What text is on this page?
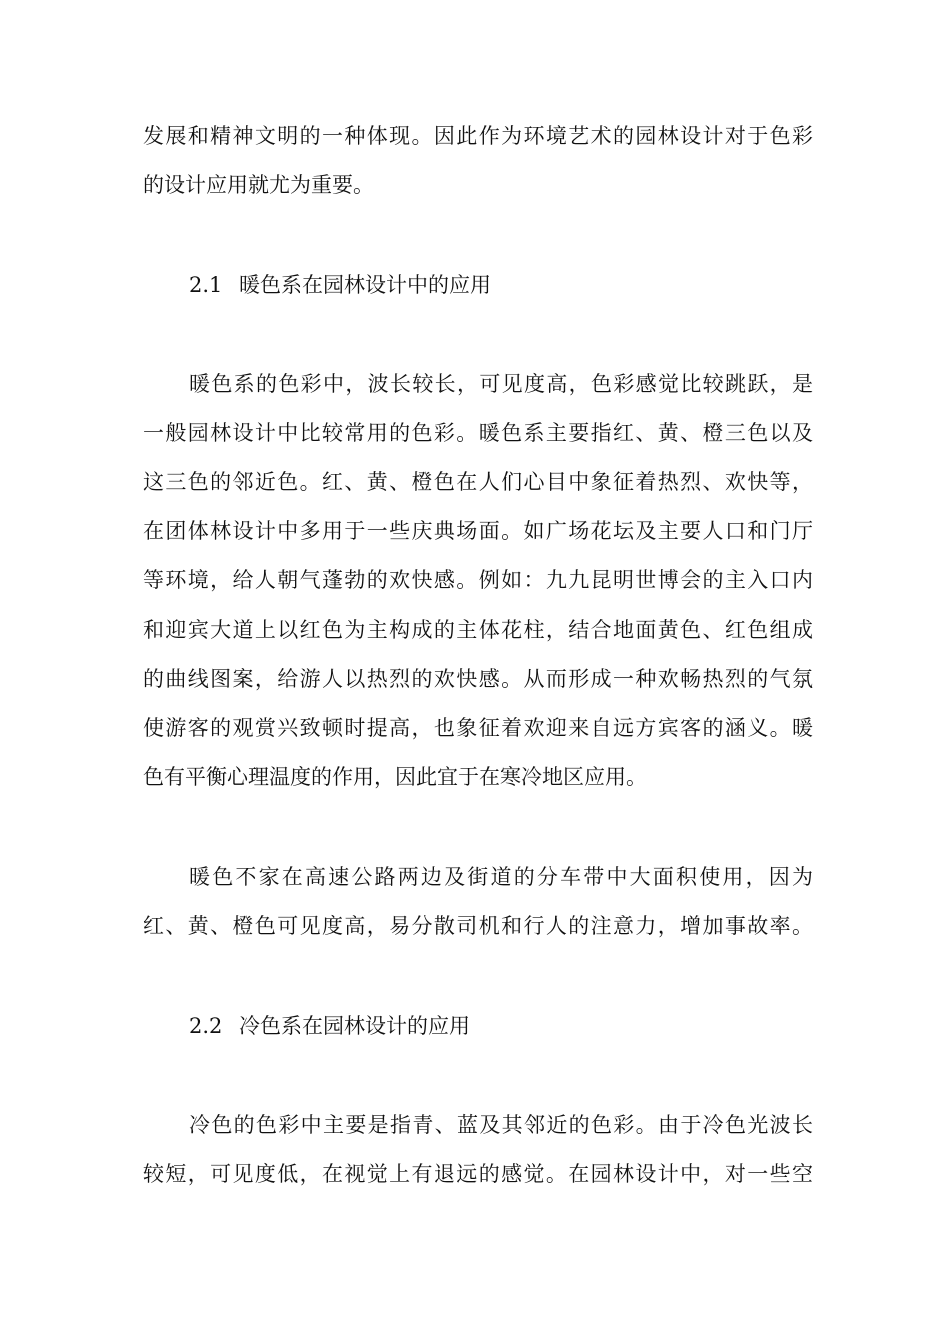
发展和精神文明的一种体现。因此作为环境艺术的园林设计对于色彩
的设计应用就尤为重要。
2.1 暖色系在园林设计中的应用
暖色系的色彩中，波长较长，可见度高，色彩感觉比较跳跃，是
一般园林设计中比较常用的色彩。暖色系主要指红、黄、橙三色以及
这三色的邻近色。红、黄、橙色在人们心目中象征着热烈、欢快等，
在团体林设计中多用于一些庆典场面。如广场花坛及主要人口和门厅
等环境，给人朝气蓬勃的欢快感。例如：九九昆明世博会的主入口内
和迎宾大道上以红色为主构成的主体花柱，结合地面黄色、红色组成
的曲线图案，给游人以热烈的欢快感。从而形成一种欢畅热烈的气氛
使游客的观赏兴致顿时提高，也象征着欢迎来自远方宾客的涵义。暖
色有平衡心理温度的作用，因此宜于在寒冷地区应用。
暖色不家在高速公路两边及街道的分车带中大面积使用，因为
红、黄、橙色可见度高，易分散司机和行人的注意力，增加事故率。
2.2 冷色系在园林设计的应用
冷色的色彩中主要是指青、蓝及其邻近的色彩。由于冷色光波长
较短，可见度低，在视觉上有退远的感觉。在园林设计中，对一些空
